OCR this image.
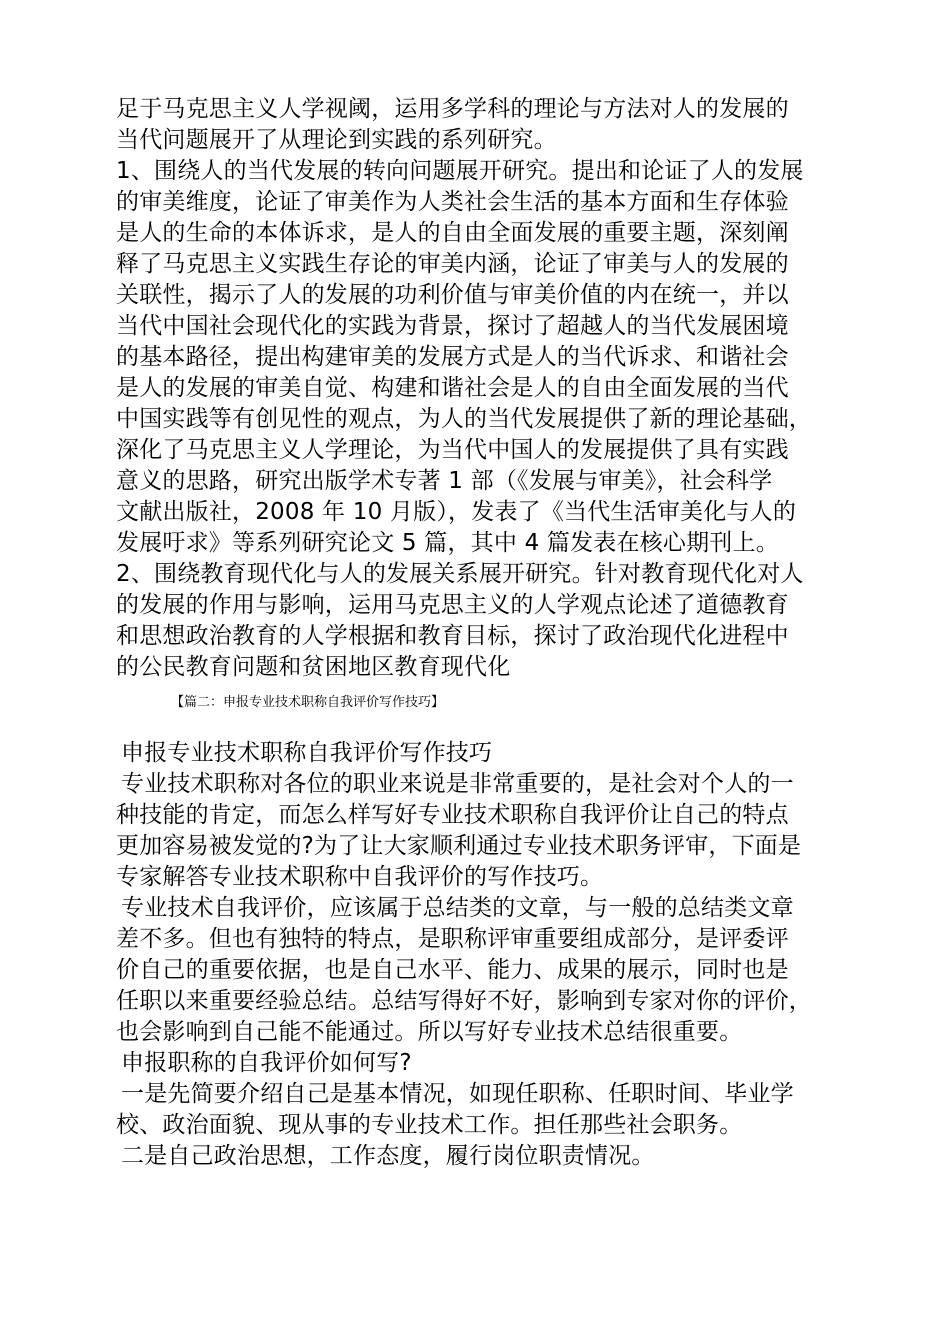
足于马克思主义人学视阈，运用多学科的理论与方法对人的发展的
当代问题展开了从理论到实践的系列研究。
1、围绕人的当代发展的转向问题展开研究。提出和论证了人的发展
的审美维度，论证了审美作为人类社会生活的基本方面和生存体验
是人的生命的本体诉求，是人的自由全面发展的重要主题，深刻阐
释了马克思主义实践生存论的审美内涵，论证了审美与人的发展的
关联性，揭示了人的发展的功利价值与审美价值的内在统一，并以
当代中国社会现代化的实践为背景，探讨了超越人的当代发展困境
的基本路径，提出构建审美的发展方式是人的当代诉求、和谐社会
是人的发展的审美自觉、构建和谐社会是人的自由全面发展的当代
中国实践等有创见性的观点，为人的当代发展提供了新的理论基础，
深化了马克思主义人学理论，为当代中国人的发展提供了具有实践
意义的思路，研究出版学术专著 1 部（《发展与审美》，社会科学
文献出版社，2008 年 10 月版），发表了《当代生活审美化与人的
发展吁求》等系列研究论文 5 篇，其中 4 篇发表在核心期刊上。
2、围绕教育现代化与人的发展关系展开研究。针对教育现代化对人
的发展的作用与影响，运用马克思主义的人学观点论述了道德教育
和思想政治教育的人学根据和教育目标，探讨了政治现代化进程中
的公民教育问题和贫困地区教育现代化
【篇二：申报专业技术职称自我评价写作技巧】
申报专业技术职称自我评价写作技巧
专业技术职称对各位的职业来说是非常重要的，是社会对个人的一
种技能的肯定，而怎么样写好专业技术职称自我评价让自己的特点
更加容易被发觉的?为了让大家顺利通过专业技术职务评审，下面是
专家解答专业技术职称中自我评价的写作技巧。
专业技术自我评价，应该属于总结类的文章，与一般的总结类文章
差不多。但也有独特的特点，是职称评审重要组成部分，是评委评
价自己的重要依据，也是自己水平、能力、成果的展示，同时也是
任职以来重要经验总结。总结写得好不好，影响到专家对你的评价，
也会影响到自己能不能通过。所以写好专业技术总结很重要。
申报职称的自我评价如何写?
一是先简要介绍自己是基本情况，如现任职称、任职时间、毕业学
校、政治面貌、现从事的专业技术工作。担任那些社会职务。
二是自己政治思想，工作态度，履行岗位职责情况。
